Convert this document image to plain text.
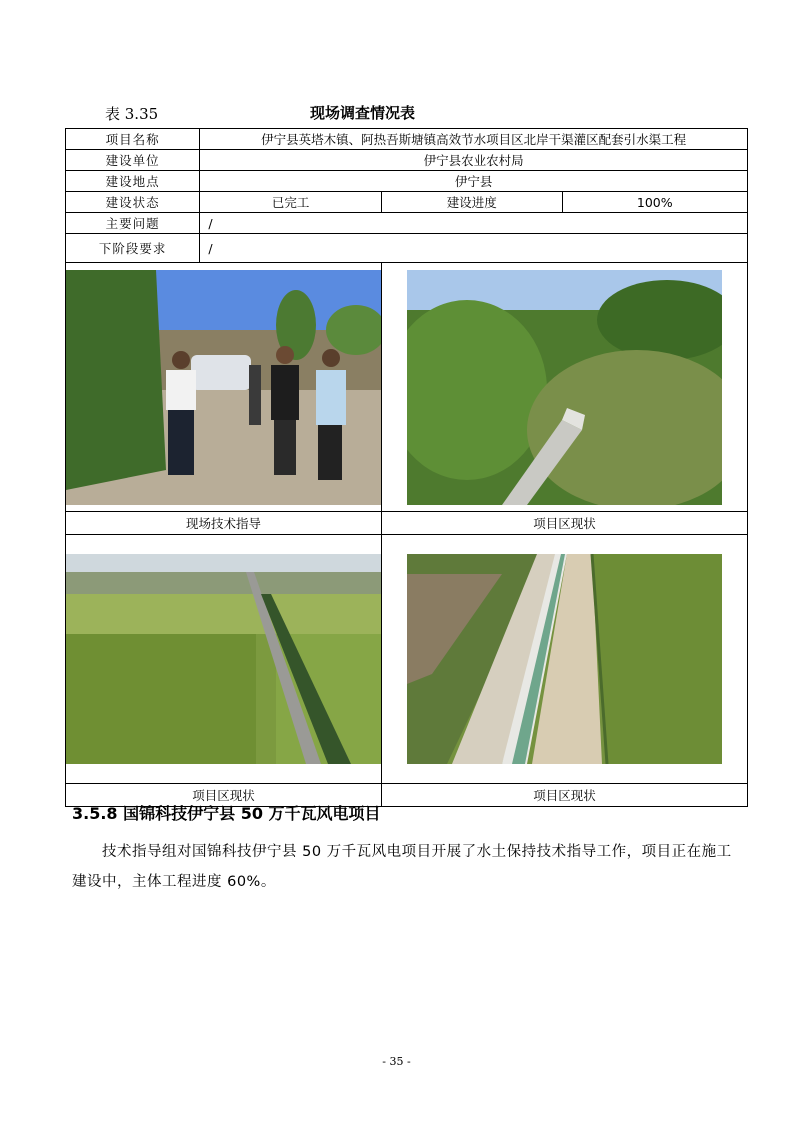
表 3.35	现场调查情况表
项目名称	伊宁县英塔木镇、阿热吾斯塘镇高效节水项目区北岸干渠灌区配套引水渠工程		
建设单位	伊宁县农业农村局		
建设地点	伊宁县		
建设状态	已完工	建设进度	100%
主要问题	/		
下阶段要求	/		

现场技术指导		项目区现状	

项目区现状		项目区现状	
3.5.8 国锦科技伊宁县 50 万千瓦风电项目
技术指导组对国锦科技伊宁县 50 万千瓦风电项目开展了水土保持技术指导工作，项目正在施工建设中，主体工程进度 60%。
- 35 -
